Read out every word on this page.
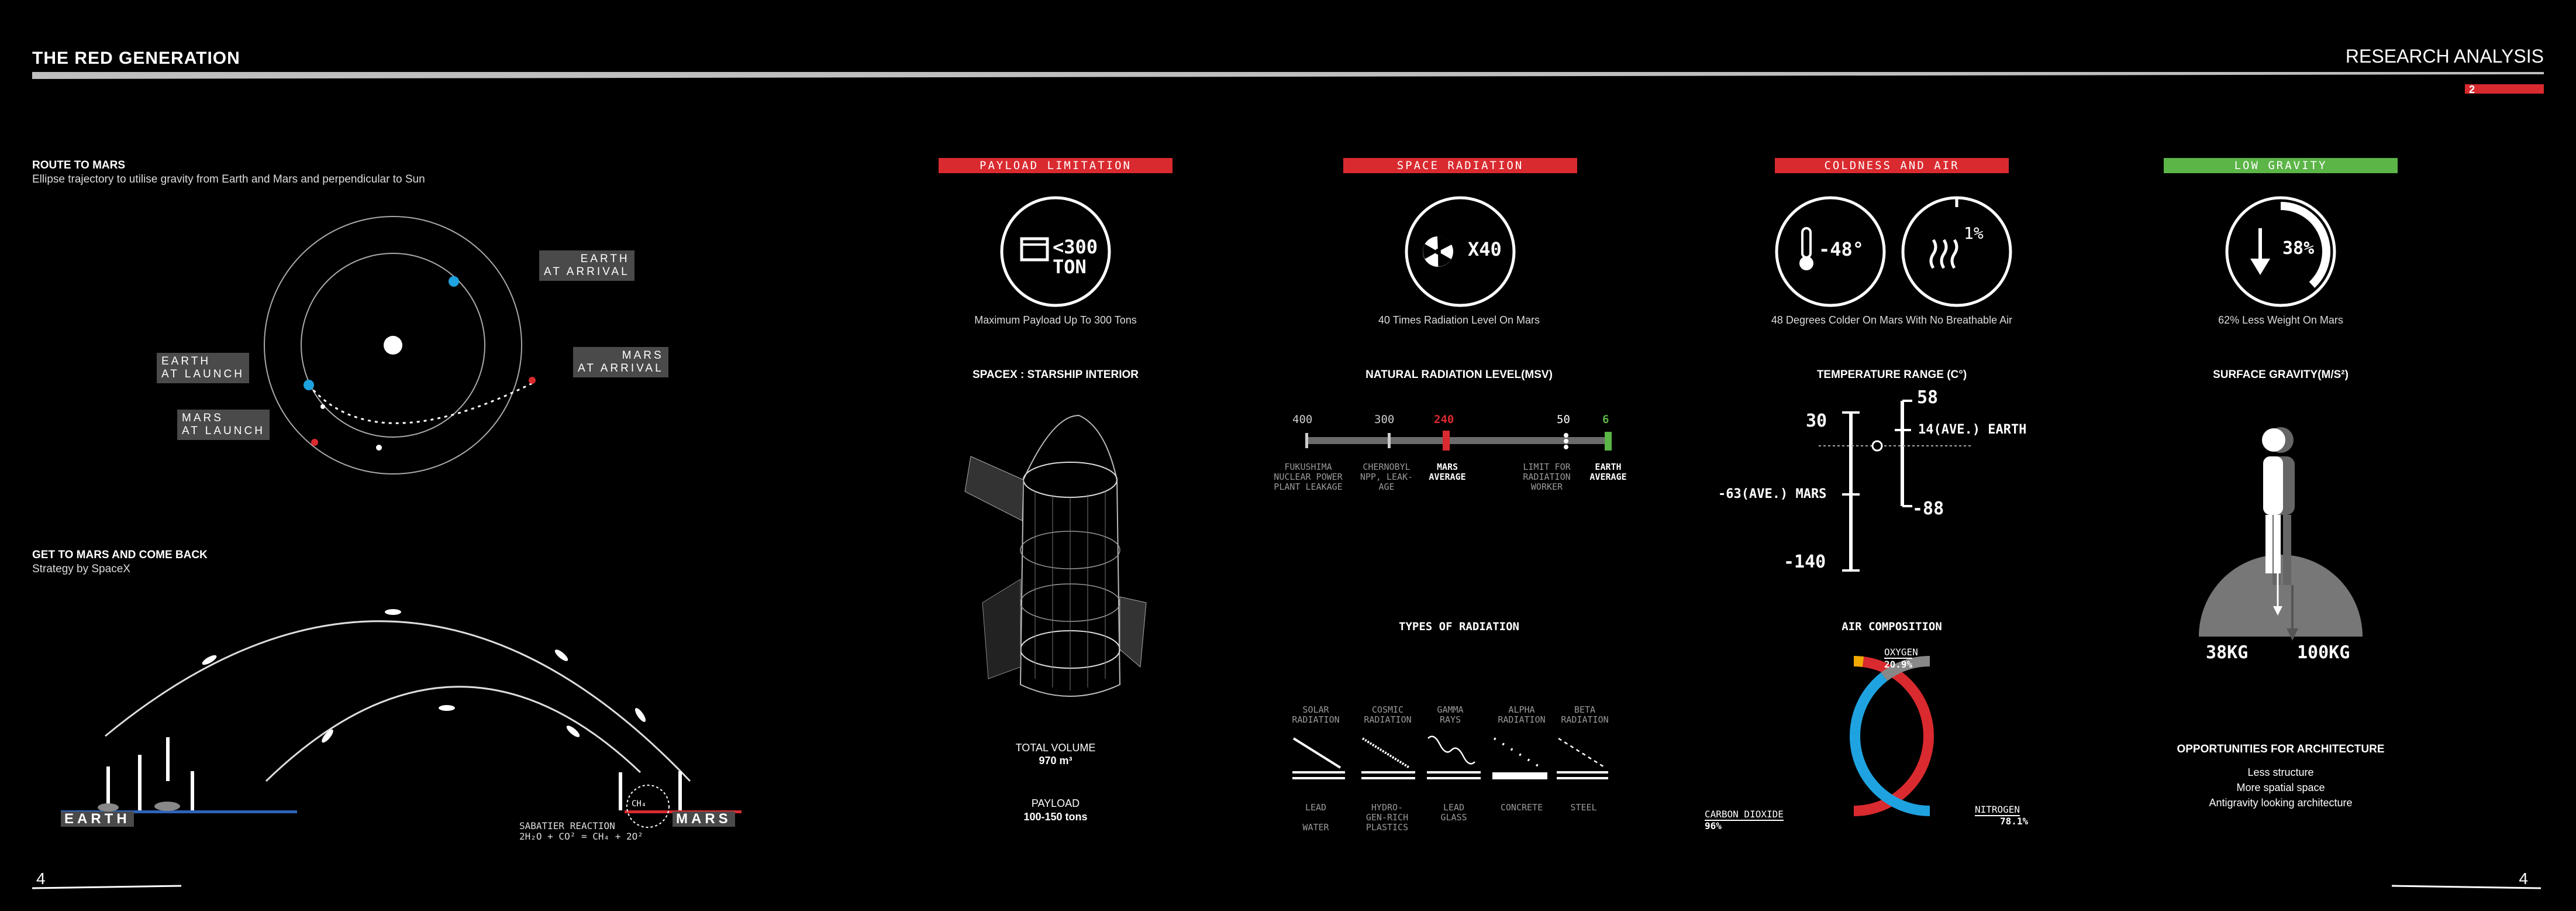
THE RED GENERATION	RESEARCH ANALYSIS
2
ROUTE TO MARS
Ellipse trajectory to utilise gravity from Earth and Mars and perpendicular to Sun
EARTH
AT ARRIVAL
EARTH
AT LAUNCH
MARS
AT ARRIVAL
MARS
AT LAUNCH
GET TO MARS AND COME BACK
Strategy by SpaceX
EARTH	MARS
SABATIER REACTION
2H₂O + CO² = CH₄ + 2O²
CH₄
4	4
PAYLOAD LIMITATION
<300
TON
Maximum Payload Up To 300 Tons
SPACEX : STARSHIP INTERIOR
TOTAL VOLUME
970 m³
PAYLOAD
100-150 tons
SPACE RADIATION
X40
40 Times Radiation Level On Mars
NATURAL RADIATION LEVEL(MSV)
400	300	240	50	6
FUKUSHIMA
NUCLEAR POWER
PLANT LEAKAGE
CHERNOBYL
NPP, LEAK-
AGE
MARS
AVERAGE
LIMIT FOR
RADIATION
WORKER
EARTH
AVERAGE
TYPES OF RADIATION
SOLAR
RADIATION
COSMIC
RADIATION
GAMMA
RAYS
ALPHA
RADIATION
BETA
RADIATION
LEAD
WATER
HYDRO-
GEN-RICH
PLASTICS
LEAD
GLASS
CONCRETE	STEEL
COLDNESS AND AIR
-48°
1%
48 Degrees Colder On Mars With No Breathable Air
TEMPERATURE RANGE (C°)
58
30	14(AVE.) EARTH
-63(AVE.) MARS
-88
-140
AIR COMPOSITION
OXYGEN
20.9%
CARBON DIOXIDE
96%
NITROGEN
78.1%
LOW GRAVITY
38%
62% Less Weight On Mars
SURFACE GRAVITY(M/S²)
38KG	100KG
OPPORTUNITIES FOR ARCHITECTURE
Less structure
More spatial space
Antigravity looking architecture
